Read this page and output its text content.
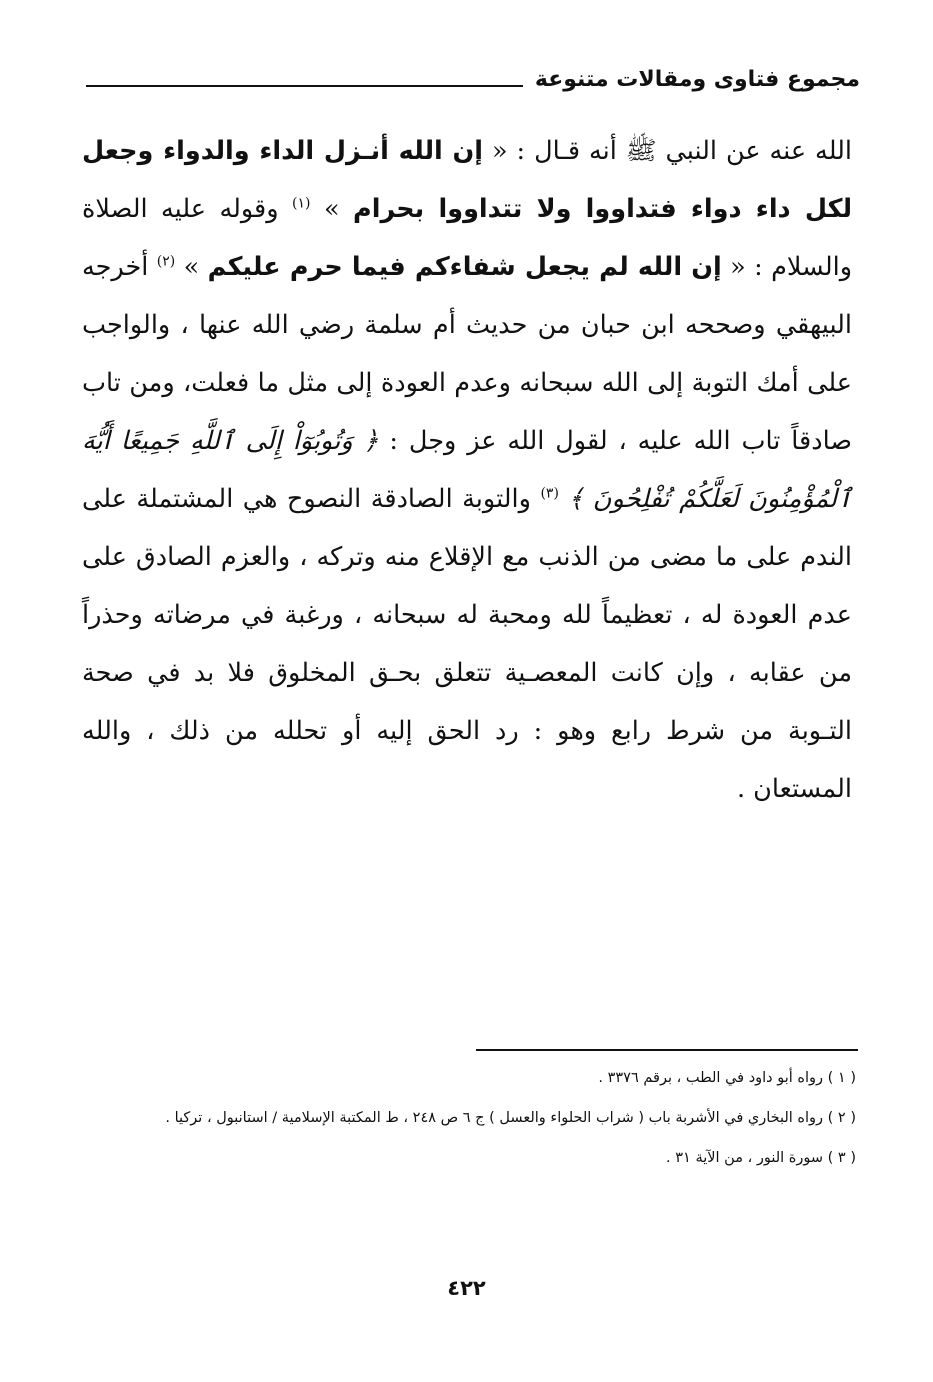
مجموع فتاوى ومقالات متنوعة
الله عنه عن النبي ﷺ أنه قـال : « إن الله أنـزل الداء والدواء وجعل لكل داء دواء فتداووا ولا تتداووا بحرام » $^{(١)}$ وقوله عليه الصلاة والسلام : « إن الله لم يجعل شفاءكم فيما حرم عليكم » $^{(٢)}$ أخرجه البيهقي وصححه ابن حبان من حديث أم سلمة رضي الله عنها ، والواجب على أمك التوبة إلى الله سبحانه وعدم العودة إلى مثل ما فعلت، ومن تاب صادقاً تاب الله عليه ، لقول الله عز وجل : ﴿ وَتُوبُوٓاْ إِلَى ٱللَّهِ جَمِيعًا أَيُّهَ ٱلْمُؤْمِنُونَ لَعَلَّكُمْ تُفْلِحُونَ ﴾ $^{(٣)}$ والتوبة الصادقة النصوح هي المشتملة على الندم على ما مضى من الذنب مع الإقلاع منه وتركه ، والعزم الصادق على عدم العودة له ، تعظيماً لله ومحبة له سبحانه ، ورغبة في مرضاته وحذراً من عقابه ، وإن كانت المعصـية تتعلق بحـق المخلوق فلا بد في صحة التـوبة من شرط رابع وهو : رد الحق إليه أو تحلله من ذلك ، والله المستعان .
( ١ ) رواه أبو داود في الطب ، برقم ٣٣٧٦ .
( ٢ ) رواه البخاري في الأشربة باب ( شراب الحلواء والعسل ) ج ٦ ص ٢٤٨ ، ط المكتبة الإسلامية / استانبول ، تركيا .
( ٣ ) سورة النور ، من الآية ٣١ .
٤٢٢
